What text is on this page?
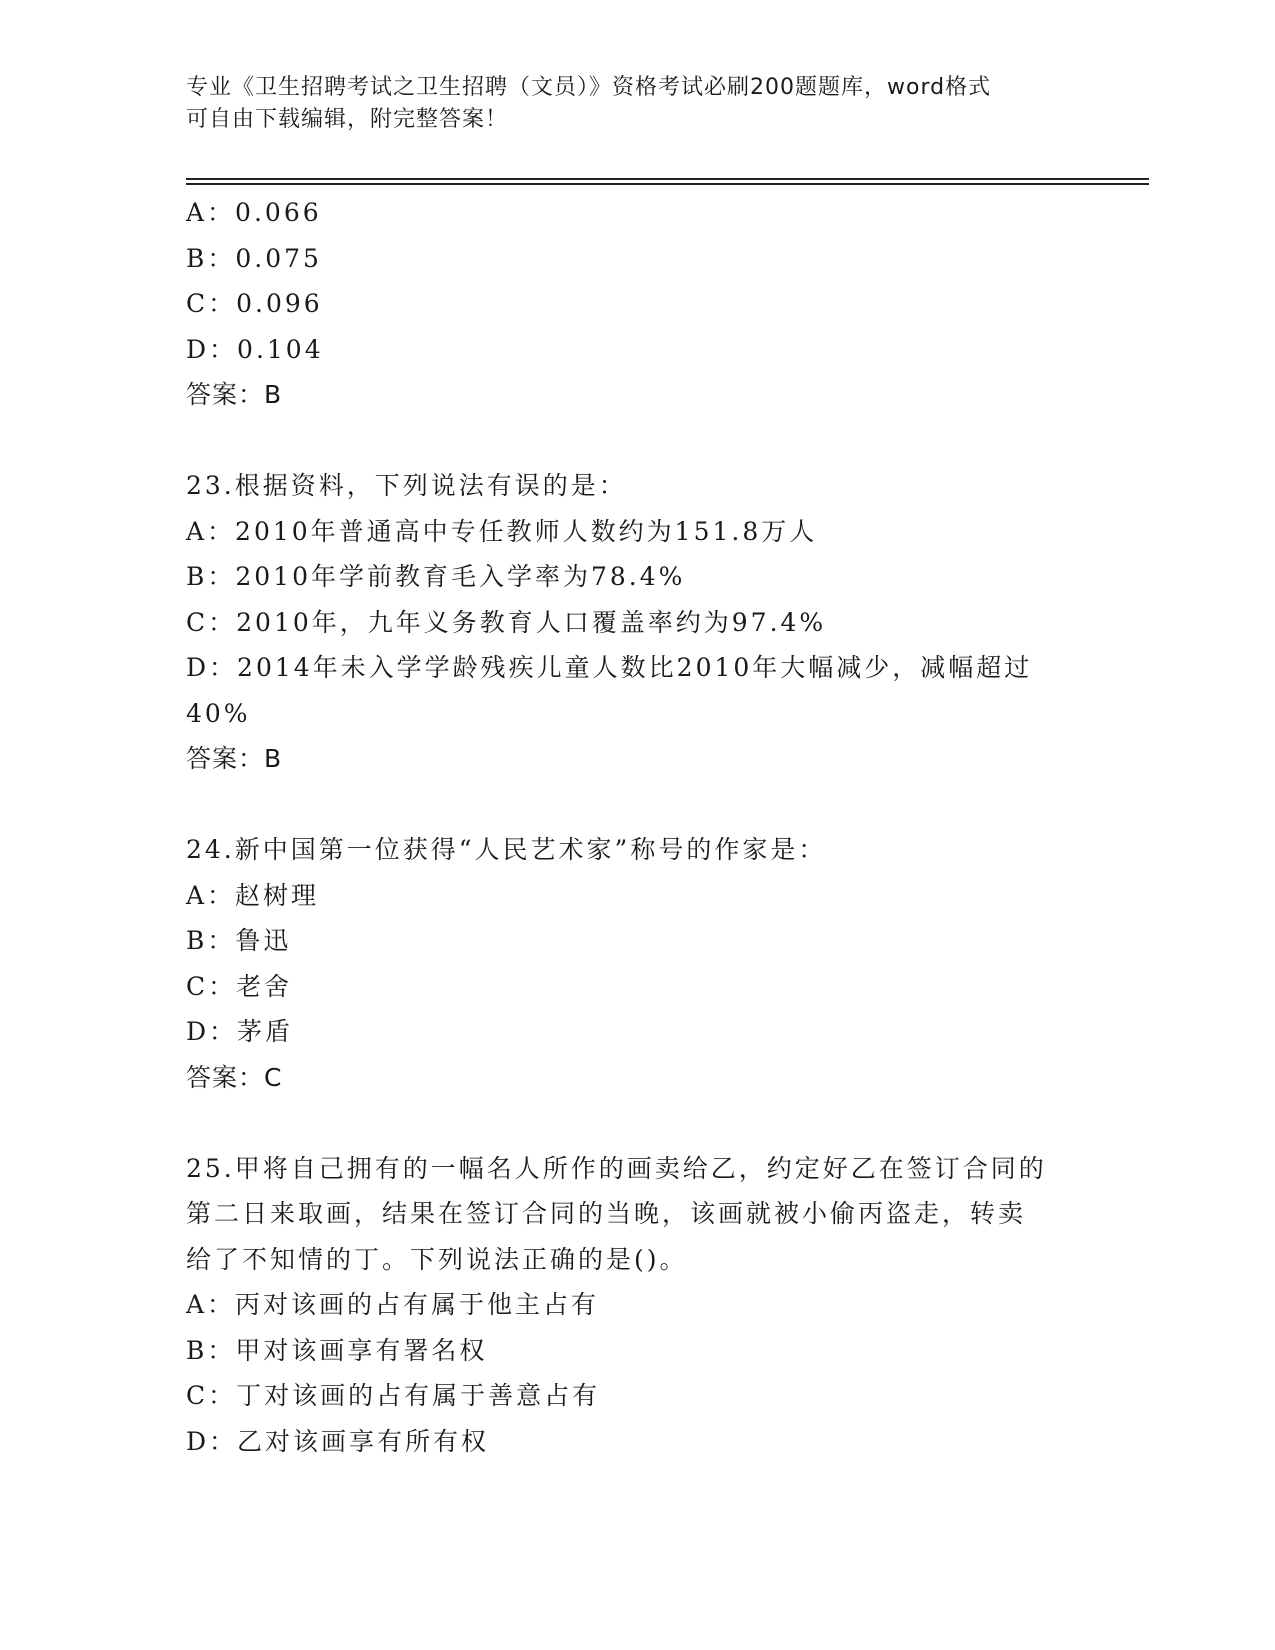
专业《卫生招聘考试之卫生招聘（文员）》资格考试必刷200题题库，word格式
可自由下载编辑，附完整答案！
A：0.066
B：0.075
C：0.096
D：0.104
答案：B
23.根据资料，下列说法有误的是：
A：2010年普通高中专任教师人数约为151.8万人
B：2010年学前教育毛入学率为78.4%
C：2010年，九年义务教育人口覆盖率约为97.4%
D：2014年未入学学龄残疾儿童人数比2010年大幅减少，减幅超过
40%
答案：B
24.新中国第一位获得“人民艺术家”称号的作家是：
A：赵树理
B：鲁迅
C：老舍
D：茅盾
答案：C
25.甲将自己拥有的一幅名人所作的画卖给乙，约定好乙在签订合同的
第二日来取画，结果在签订合同的当晚，该画就被小偷丙盗走，转卖
给了不知情的丁。下列说法正确的是()。
A：丙对该画的占有属于他主占有
B：甲对该画享有署名权
C：丁对该画的占有属于善意占有
D：乙对该画享有所有权
